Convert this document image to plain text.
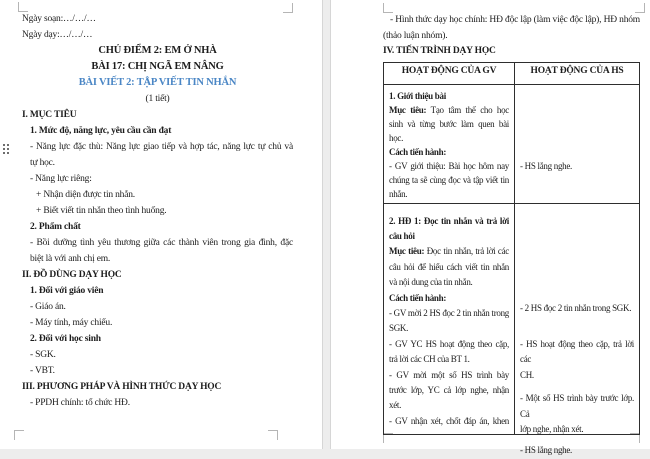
Ngày soạn:…/…/…
Ngày dạy:…/…/…
CHỦ ĐIỂM 2: EM Ở NHÀ
BÀI 17: CHỊ NGÃ EM NÂNG
BÀI VIẾT 2: TẬP VIẾT TIN NHẮN
(1 tiết)
I. MỤC TIÊU
1. Mức độ, năng lực, yêu cầu cần đạt
- Năng lực đặc thù: Năng lực giao tiếp và hợp tác, năng lực tự chủ và
tự học.
- Năng lực riêng:
+ Nhận diện được tin nhắn.
+ Biết viết tin nhắn theo tình huống.
2. Phẩm chất
- Bồi dưỡng tình yêu thương giữa các thành viên trong gia đình, đặc
biệt là với anh chị em.
II. ĐỒ DÙNG DẠY HỌC
1. Đối với giáo viên
- Giáo án.
- Máy tính, máy chiếu.
2. Đối với học sinh
- SGK.
- VBT.
III. PHƯƠNG PHÁP VÀ HÌNH THỨC DẠY HỌC
- PPDH chính: tổ chức HĐ.
- Hình thức dạy học chính: HĐ độc lập (làm việc độc lập), HĐ nhóm
(thảo luận nhóm).
IV. TIẾN TRÌNH DẠY HỌC
HOẠT ĐỘNG CỦA GV	HOẠT ĐỘNG CỦA HS
1. Giới thiệu bài
Mục tiêu: Tạo tâm thế cho học
sinh và từng bước làm quen bài
học.
Cách tiến hành:
- GV giới thiệu: Bài học hôm nay
chúng ta sẽ cùng đọc và tập viết tin
nhắn.
- HS lắng nghe.
2. HĐ 1: Đọc tin nhắn và trả lời
câu hỏi
Mục tiêu: Đọc tin nhắn, trả lời các
câu hỏi để hiểu cách viết tin nhắn
và nội dung của tin nhắn.
Cách tiến hành:
- GV mời 2 HS đọc 2 tin nhắn trong
SGK.
- GV YC HS hoạt động theo cặp,
trả lời các CH của BT 1.
- GV mời một số HS trình bày
trước lớp, YC cả lớp nghe, nhận
xét.
- GV nhận xét, chốt đáp án, khen
- 2 HS đọc 2 tin nhắn trong SGK.
- HS hoạt động theo cặp, trả lời các
CH.
- Một số HS trình bày trước lớp. Cả
lớp nghe, nhận xét.
- HS lắng nghe.
